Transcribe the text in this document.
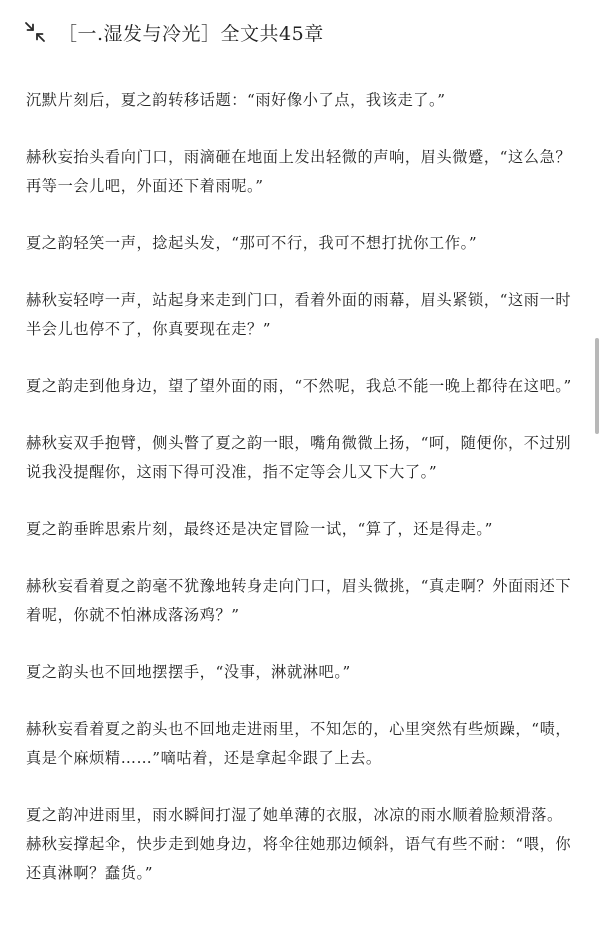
［一.湿发与冷光］全文共45章

沉默片刻后，夏之韵转移话题：“雨好像小了点，我该走了。”

赫秋妄抬头看向门口，雨滴砸在地面上发出轻微的声响，眉头微蹙，“这么急？再等一会儿吧，外面还下着雨呢。”

夏之韵轻笑一声，捻起头发，“那可不行，我可不想打扰你工作。”

赫秋妄轻哼一声，站起身来走到门口，看着外面的雨幕，眉头紧锁，“这雨一时半会儿也停不了，你真要现在走？”

夏之韵走到他身边，望了望外面的雨，“不然呢，我总不能一晚上都待在这吧。”

赫秋妄双手抱臂，侧头瞥了夏之韵一眼，嘴角微微上扬，“呵，随便你，不过别说我没提醒你，这雨下得可没准，指不定等会儿又下大了。”

夏之韵垂眸思索片刻，最终还是决定冒险一试，“算了，还是得走。”

赫秋妄看着夏之韵毫不犹豫地转身走向门口，眉头微挑，“真走啊？外面雨还下着呢，你就不怕淋成落汤鸡？”

夏之韵头也不回地摆摆手，“没事，淋就淋吧。”

赫秋妄看着夏之韵头也不回地走进雨里，不知怎的，心里突然有些烦躁，“啧，真是个麻烦精……”嘀咕着，还是拿起伞跟了上去。

夏之韵冲进雨里，雨水瞬间打湿了她单薄的衣服，冰凉的雨水顺着脸颊滑落。赫秋妄撑起伞，快步走到她身边，将伞往她那边倾斜，语气有些不耐：“喂，你还真淋啊？蠢货。”
